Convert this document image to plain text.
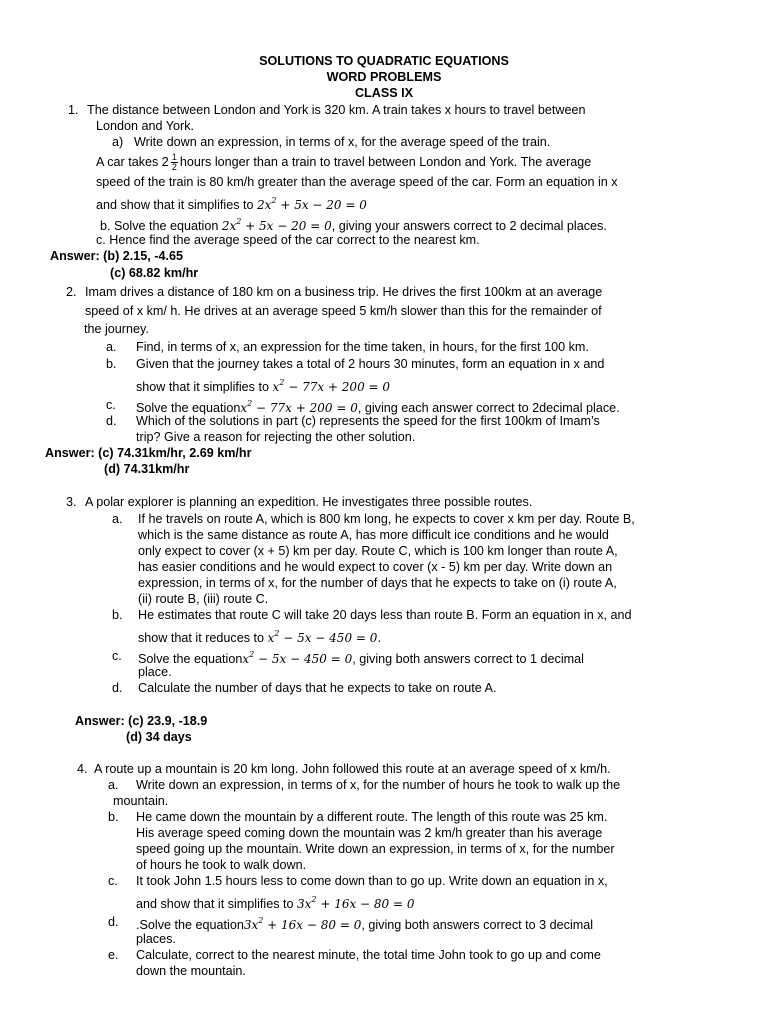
SOLUTIONS TO QUADRATIC EQUATIONS
WORD PROBLEMS
CLASS IX
1. The distance between London and York is 320 km. A train takes x hours to travel between
London and York.
a) Write down an expression, in terms of x, for the average speed of the train.
A car takes $2 \frac{1}{2}$ hours longer than a train to travel between London and York. The average
speed of the train is 80 km/h greater than the average speed of the car. Form an equation in x
and show that it simplifies to $2x^2 + 5x - 20 = 0$
b. Solve the equation $2x^2 + 5x - 20 = 0$, giving your answers correct to 2 decimal places.
c. Hence find the average speed of the car correct to the nearest km.
Answer: (b) 2.15, -4.65
(c) 68.82 km/hr
2. Imam drives a distance of 180 km on a business trip. He drives the first 100km at an average
speed of x km/ h. He drives at an average speed 5 km/h slower than this for the remainder of
the journey.
a. Find, in terms of x, an expression for the time taken, in hours, for the first 100 km.
b. Given that the journey takes a total of 2 hours 30 minutes, form an equation in x and
show that it simplifies to $x^2 - 77x + 200 = 0$
c. Solve the equationx$^2$ − 77x + 200 = 0, giving each answer correct to 2decimal place.
d. Which of the solutions in part (c) represents the speed for the first 100km of Imam’s
trip? Give a reason for rejecting the other solution.
Answer: (c) 74.31km/hr, 2.69 km/hr
(d) 74.31km/hr
3. A polar explorer is planning an expedition. He investigates three possible routes.
a. If he travels on route A, which is 800 km long, he expects to cover x km per day. Route B,
which is the same distance as route A, has more difficult ice conditions and he would
only expect to cover (x + 5) km per day. Route C, which is 100 km longer than route A,
has easier conditions and he would expect to cover (x - 5) km per day. Write down an
expression, in terms of x, for the number of days that he expects to take on (i) route A,
(ii) route B, (iii) route C.
b. He estimates that route C will take 20 days less than route B. Form an equation in x, and
show that it reduces to $x^2 - 5x - 450 = 0$.
c. Solve the equationx$^2$ − 5x − 450 = 0, giving both answers correct to 1 decimal
place.
d. Calculate the number of days that he expects to take on route A.
Answer: (c) 23.9, -18.9
(d) 34 days
4. A route up a mountain is 20 km long. John followed this route at an average speed of x km/h.
a. Write down an expression, in terms of x, for the number of hours he took to walk up the
mountain.
b. He came down the mountain by a different route. The length of this route was 25 km.
His average speed coming down the mountain was 2 km/h greater than his average
speed going up the mountain. Write down an expression, in terms of x, for the number
of hours he took to walk down.
c. It took John 1.5 hours less to come down than to go up. Write down an equation in x,
and show that it simplifies to $3x^2 + 16x - 80 = 0$
d. .Solve the $equation3x^2 + 16x - 80 = 0$, giving both answers correct to 3 decimal
places.
e. Calculate, correct to the nearest minute, the total time John took to go up and come
down the mountain.
